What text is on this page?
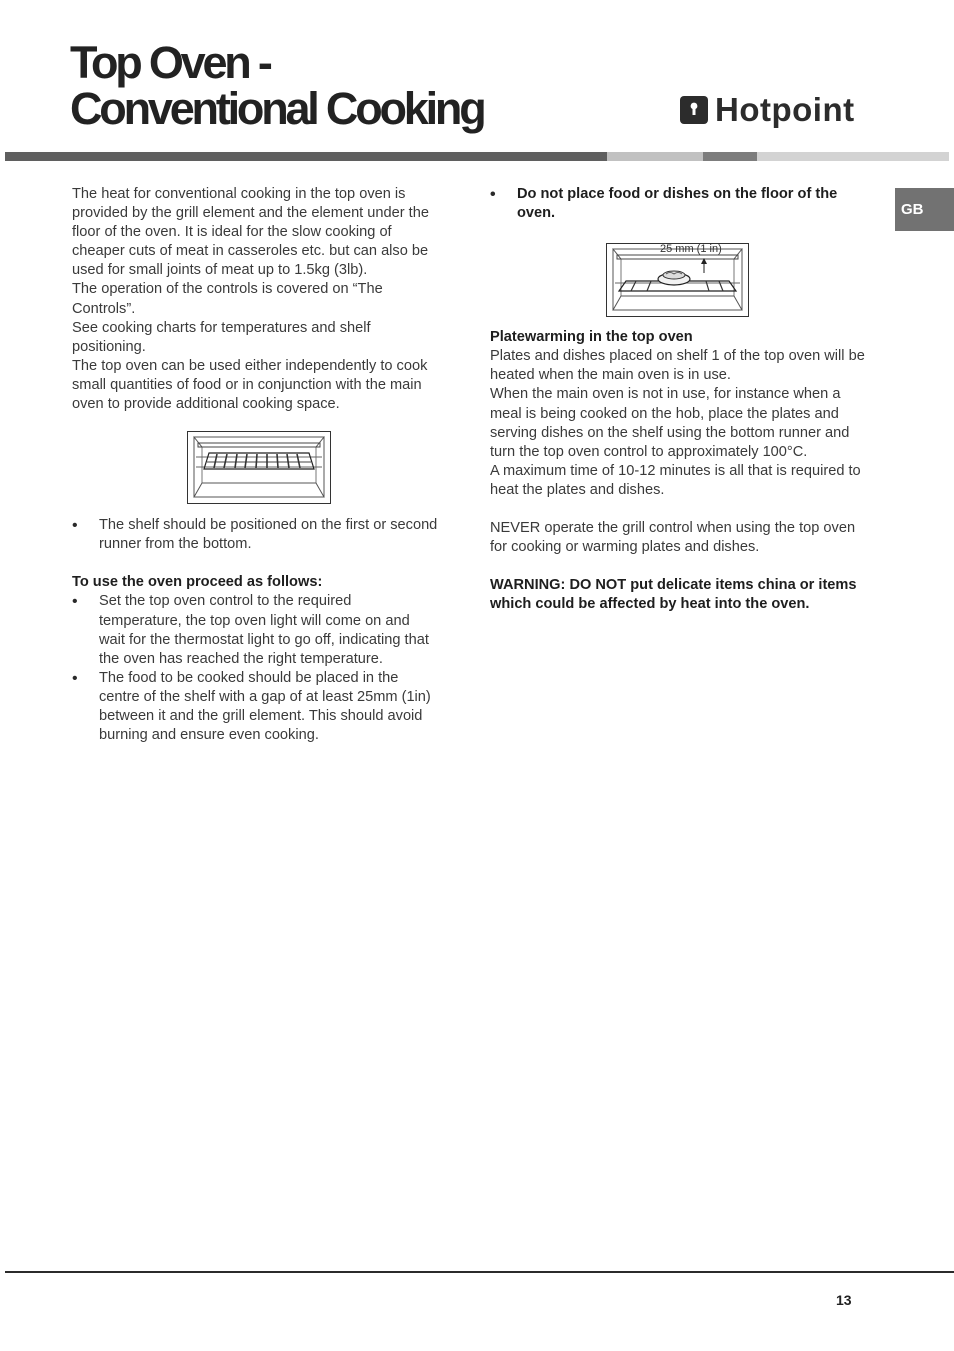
Top Oven -
Conventional Cooking	Hotpoint
GB

The heat for conventional cooking in the top oven is provided by the grill element and the element under the floor of the oven. It is ideal for the slow cooking of cheaper cuts of meat in casseroles etc. but can also be used for small joints of meat up to 1.5kg (3lb).

The operation of the controls is covered on “The Controls”.

See cooking charts for temperatures and shelf positioning.

The top oven can be used either independently to cook small quantities of food or in conjunction with the main oven to provide additional cooking space.

• The shelf should be positioned on the first or second runner from the bottom.

To use the oven proceed as follows:

• Set the top oven control to the required temperature, the top oven light will come on and wait for the thermostat light to go off, indicating that the oven has reached the right temperature.

• The food to be cooked should be placed in the centre of the shelf with a gap of at least 25mm (1in) between it and the grill element. This should avoid burning and ensure even cooking.

• Do not place food or dishes on the floor of the oven.

25 mm (1 in)

Platewarming in the top oven

Plates and dishes placed on shelf 1 of the top oven will be heated when the main oven is in use.

When the main oven is not in use, for instance when a meal is being cooked on the hob, place the plates and serving dishes on the shelf using the bottom runner and turn the top oven control to approximately 100°C.

A maximum time of 10-12 minutes is all that is required to heat the plates and dishes.

NEVER operate the grill control when using the top oven for cooking or warming plates and dishes.

WARNING: DO NOT put delicate items china or items which could be affected by heat into the oven.

13
